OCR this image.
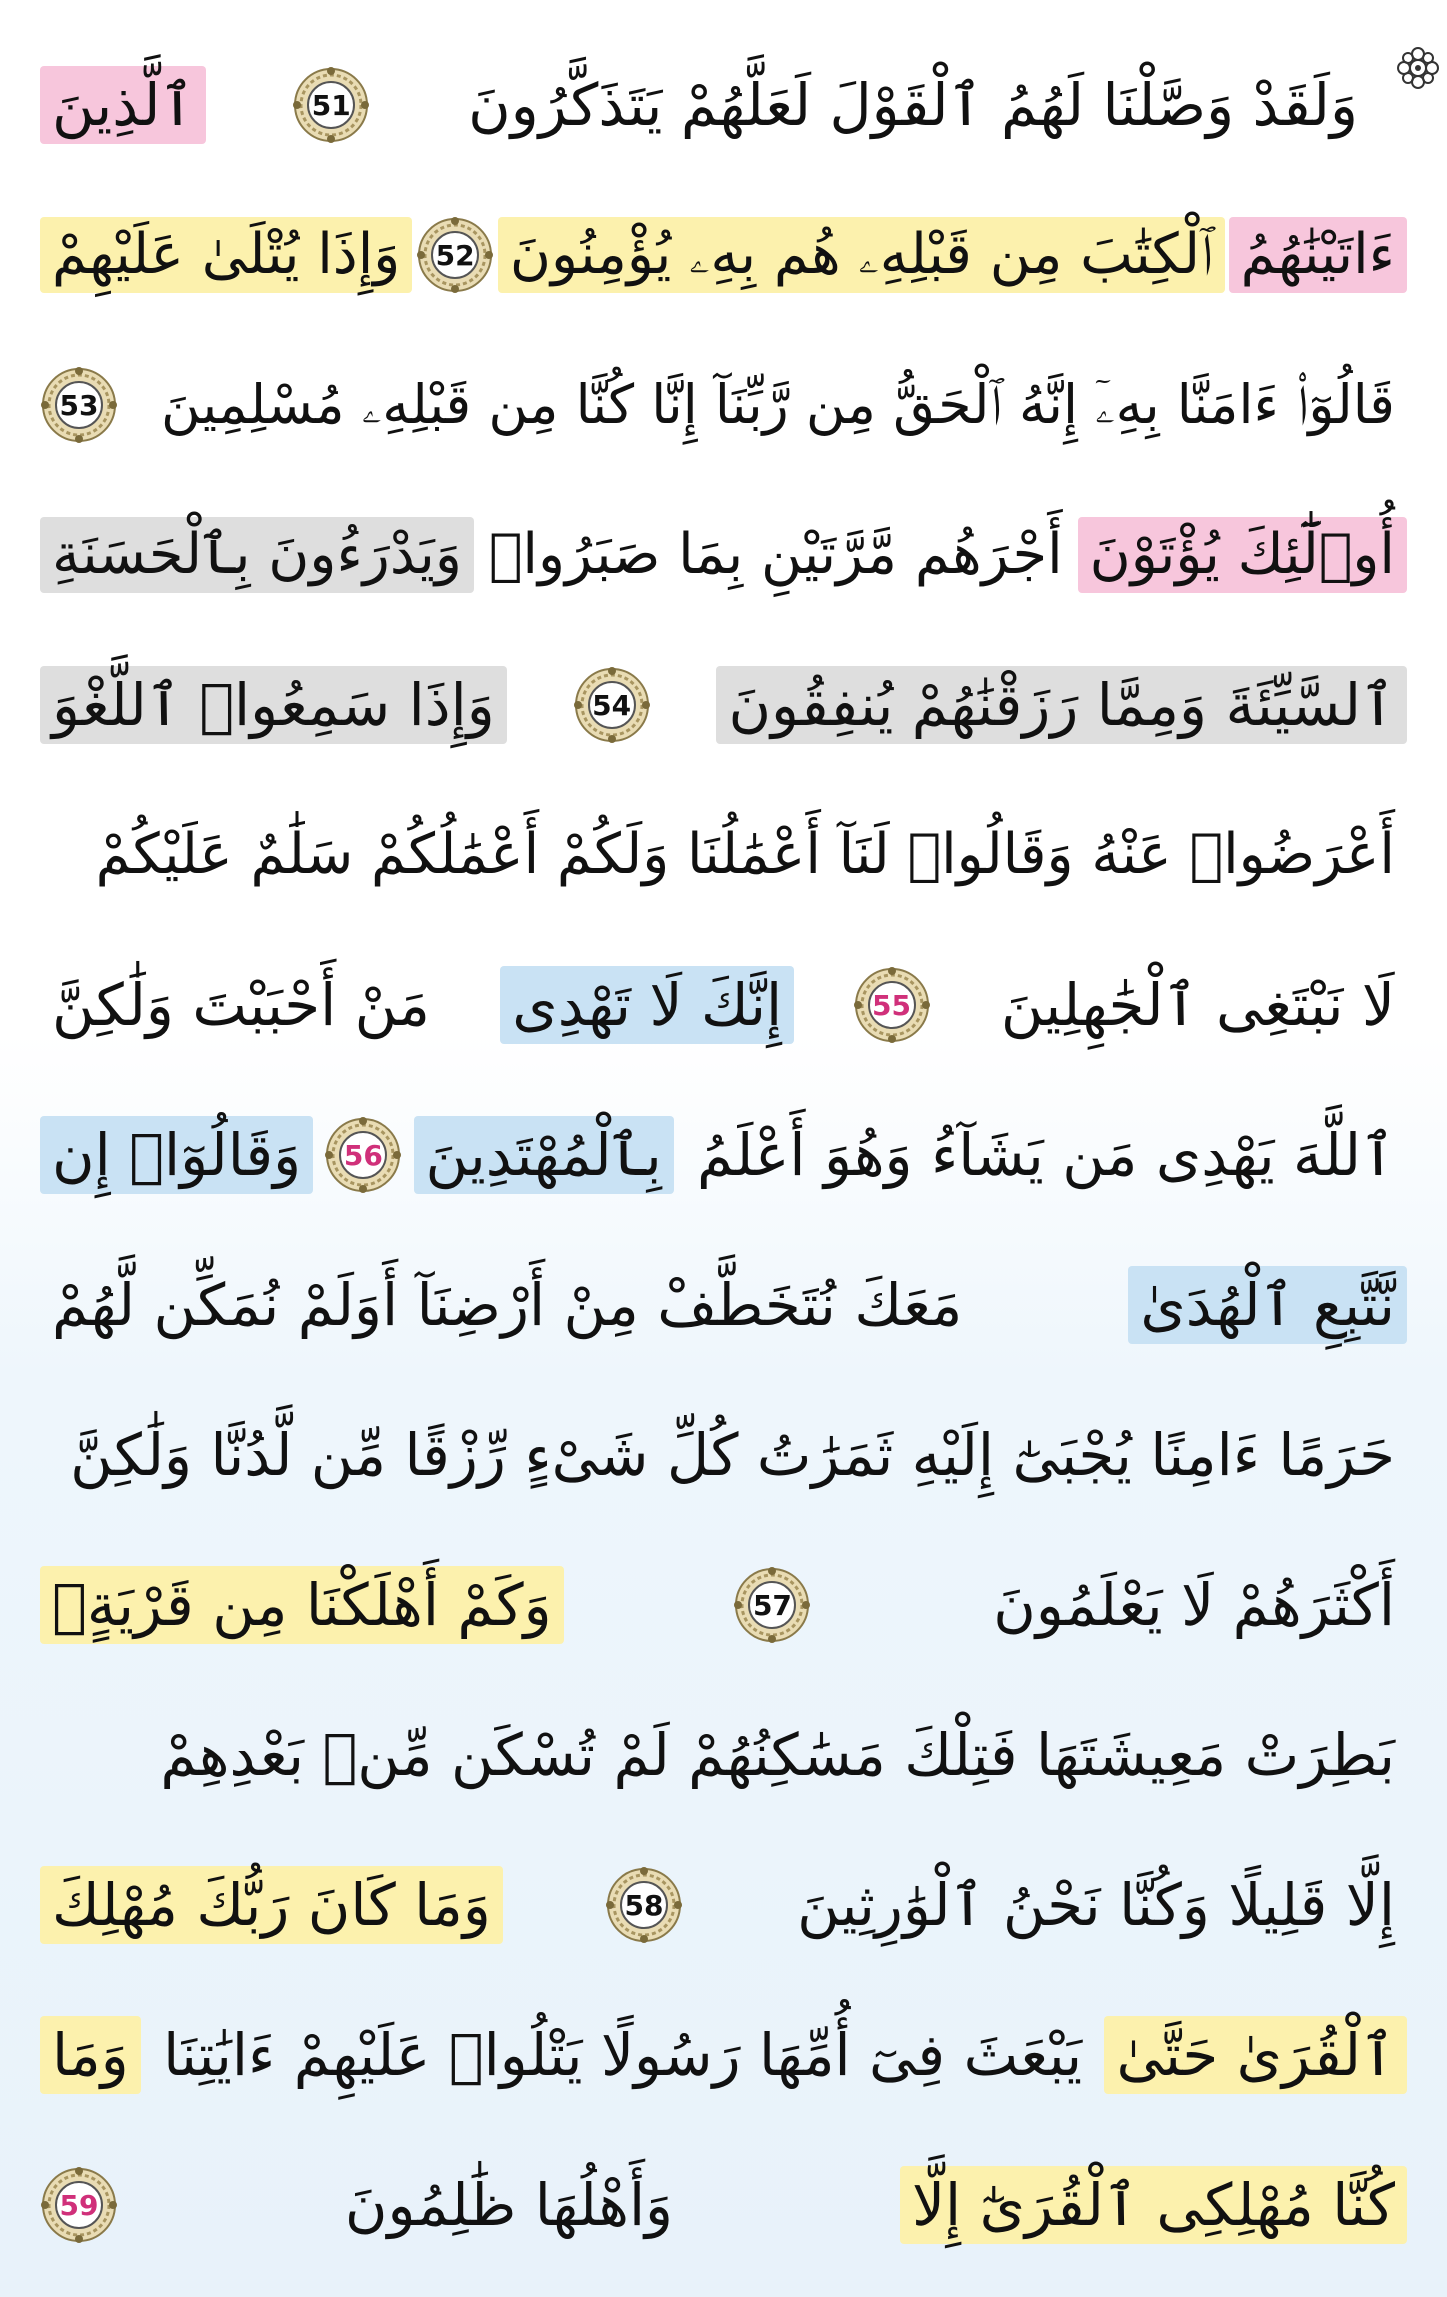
وَلَقَدْ وَصَّلْنَا لَهُمُ ٱلْقَوْلَ لَعَلَّهُمْ يَتَذَكَّرُونَ
51
ٱلَّذِينَ
ءَاتَيْنَٰهُمُ
ٱلْكِتَٰبَ مِن قَبْلِهِۦ هُم بِهِۦ يُؤْمِنُونَ
52
وَإِذَا يُتْلَىٰ عَلَيْهِمْ
قَالُوٓا۟ ءَامَنَّا بِهِۦٓ إِنَّهُ ٱلْحَقُّ مِن رَّبِّنَآ إِنَّا كُنَّا مِن قَبْلِهِۦ مُسْلِمِينَ
53
أُو۟لَٰٓئِكَ يُؤْتَوْنَ
أَجْرَهُم مَّرَّتَيْنِ بِمَا صَبَرُوا۟
وَيَدْرَءُونَ بِٱلْحَسَنَةِ
ٱلسَّيِّئَةَ وَمِمَّا رَزَقْنَٰهُمْ يُنفِقُونَ
54
وَإِذَا سَمِعُوا۟ ٱللَّغْوَ
أَعْرَضُوا۟ عَنْهُ وَقَالُوا۟ لَنَآ أَعْمَٰلُنَا وَلَكُمْ أَعْمَٰلُكُمْ سَلَٰمٌ عَلَيْكُمْ
لَا نَبْتَغِى ٱلْجَٰهِلِينَ
55
إِنَّكَ لَا تَهْدِى
مَنْ أَحْبَبْتَ وَلَٰكِنَّ
ٱللَّهَ يَهْدِى مَن يَشَآءُ وَهُوَ أَعْلَمُ
بِٱلْمُهْتَدِينَ
56
وَقَالُوٓا۟ إِن
نَّتَّبِعِ ٱلْهُدَىٰ
مَعَكَ نُتَخَطَّفْ مِنْ أَرْضِنَآ أَوَلَمْ نُمَكِّن لَّهُمْ
حَرَمًا ءَامِنًا يُجْبَىٰٓ إِلَيْهِ ثَمَرَٰتُ كُلِّ شَىْءٍ رِّزْقًا مِّن لَّدُنَّا وَلَٰكِنَّ
أَكْثَرَهُمْ لَا يَعْلَمُونَ
57
وَكَمْ أَهْلَكْنَا مِن قَرْيَةٍۭ
بَطِرَتْ مَعِيشَتَهَا فَتِلْكَ مَسَٰكِنُهُمْ لَمْ تُسْكَن مِّنۢ بَعْدِهِمْ
إِلَّا قَلِيلًا وَكُنَّا نَحْنُ ٱلْوَٰرِثِينَ
58
وَمَا كَانَ رَبُّكَ مُهْلِكَ
ٱلْقُرَىٰ حَتَّىٰ
يَبْعَثَ فِىٓ أُمِّهَا رَسُولًا يَتْلُوا۟ عَلَيْهِمْ ءَايَٰتِنَا
وَمَا
كُنَّا مُهْلِكِى ٱلْقُرَىٰٓ إِلَّا
وَأَهْلُهَا ظَٰلِمُونَ
59
